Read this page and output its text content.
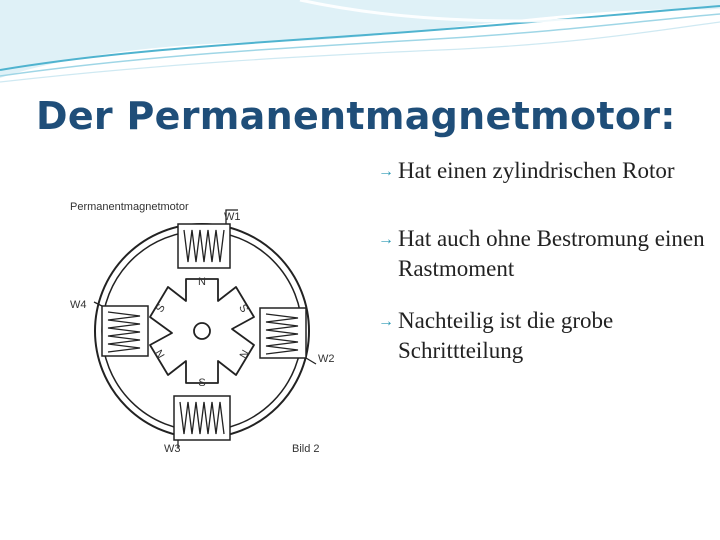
Der Permanentmagnetmotor:
Permanentmagnetmotor
N
S	S
N	N
S
W1
W4
W2
W3	Bild 2
→ Hat einen zylindrischen Rotor
→ Hat auch ohne Bestromung einen Rastmoment
→ Nachteilig ist die grobe Schrittteilung
